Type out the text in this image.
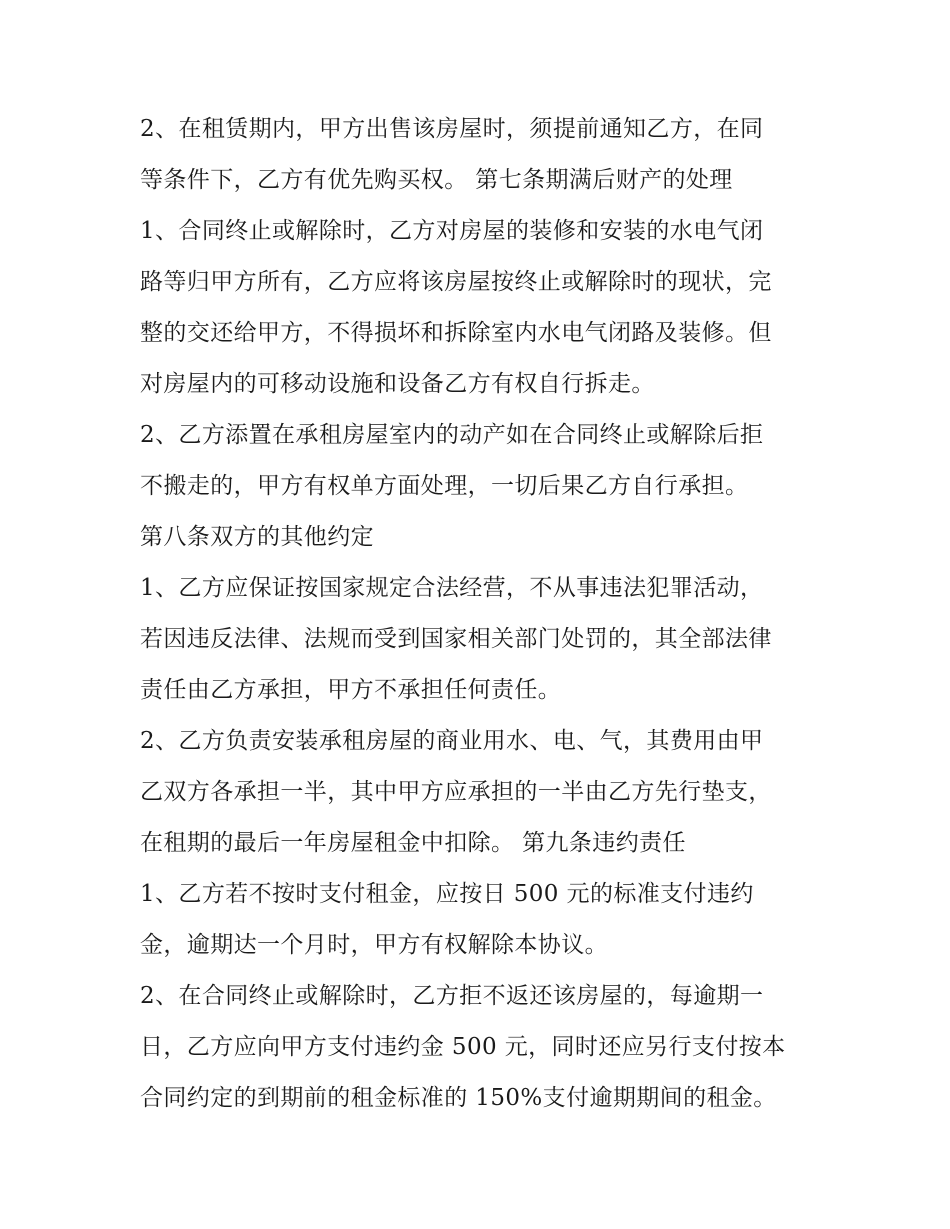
2、在租赁期内，甲方出售该房屋时，须提前通知乙方，在同
等条件下，乙方有优先购买权。 第七条期满后财产的处理
1、合同终止或解除时，乙方对房屋的装修和安装的水电气闭
路等归甲方所有，乙方应将该房屋按终止或解除时的现状，完
整的交还给甲方，不得损坏和拆除室内水电气闭路及装修。但
对房屋内的可移动设施和设备乙方有权自行拆走。
2、乙方添置在承租房屋室内的动产如在合同终止或解除后拒
不搬走的，甲方有权单方面处理，一切后果乙方自行承担。
第八条双方的其他约定
1、乙方应保证按国家规定合法经营，不从事违法犯罪活动，
若因违反法律、法规而受到国家相关部门处罚的，其全部法律
责任由乙方承担，甲方不承担任何责任。
2、乙方负责安装承租房屋的商业用水、电、气，其费用由甲
乙双方各承担一半，其中甲方应承担的一半由乙方先行垫支，
在租期的最后一年房屋租金中扣除。 第九条违约责任
1、乙方若不按时支付租金，应按日 500 元的标准支付违约
金，逾期达一个月时，甲方有权解除本协议。
2、在合同终止或解除时，乙方拒不返还该房屋的，每逾期一
日，乙方应向甲方支付违约金 500 元，同时还应另行支付按本
合同约定的到期前的租金标准的 150%支付逾期期间的租金。
